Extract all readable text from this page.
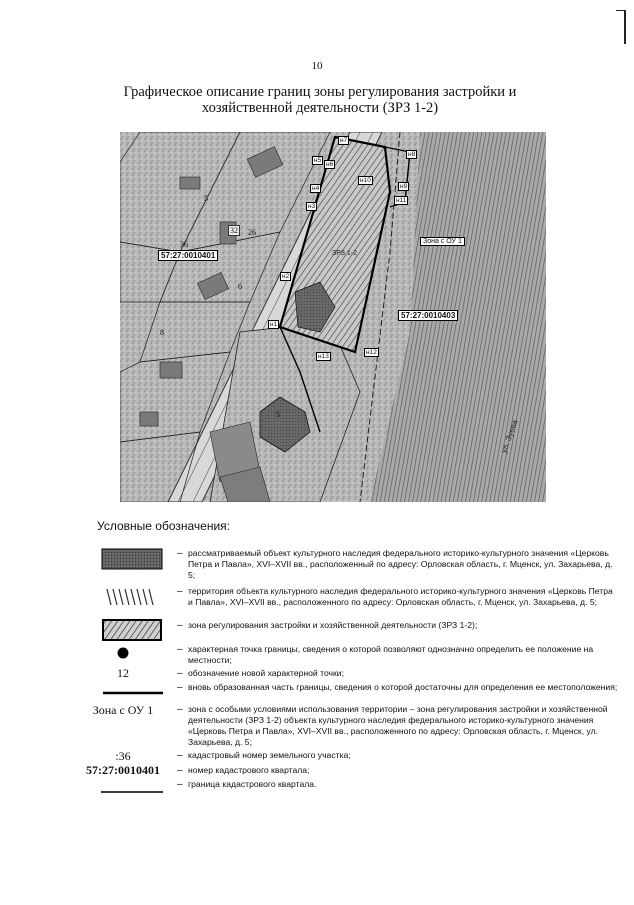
10
Графическое описание границ зоны регулирования застройки и
хозяйственной деятельности (ЗРЗ 1-2)
57:27:0010401
57:27:0010403
Зона с ОУ 1
ЗРЗ 1-2
ул. Зуева
н1
н2
н3
н4
н5
н6
н7
н8
н9
н10
н11
н12
н13
5
32 26
36
6
8
5
Условные обозначения:
– рассматриваемый объект культурного наследия федерального историко-культурного значения «Церковь Петра и Павла», XVI–XVII вв., расположенный по адресу: Орловская область, г. Мценск, ул. Захарьева, д. 5;
– территория объекта культурного наследия федерального историко-культурного значения «Церковь Петра и Павла», XVI–XVII вв., расположенного по адресу: Орловская область, г. Мценск, ул. Захарьева, д. 5;
– зона регулирования застройки и хозяйственной деятельности (ЗРЗ 1-2);
– характерная точка границы, сведения о которой позволяют однозначно определить ее положение на местности;
12	– обозначение новой характерной точки;
– вновь образованная часть границы, сведения о которой достаточны для определения ее местоположения;
Зона с ОУ 1	– зона с особыми условиями использования территории – зона регулирования застройки и хозяйственной деятельности (ЗРЗ 1-2) объекта культурного наследия федерального историко-культурного значения «Церковь Петра и Павла», XVI–XVII вв., расположенного по адресу: Орловская область, г. Мценск, ул. Захарьева, д. 5;
:36	– кадастровый номер земельного участка;
57:27:0010401	– номер кадастрового квартала;
– граница кадастрового квартала.
